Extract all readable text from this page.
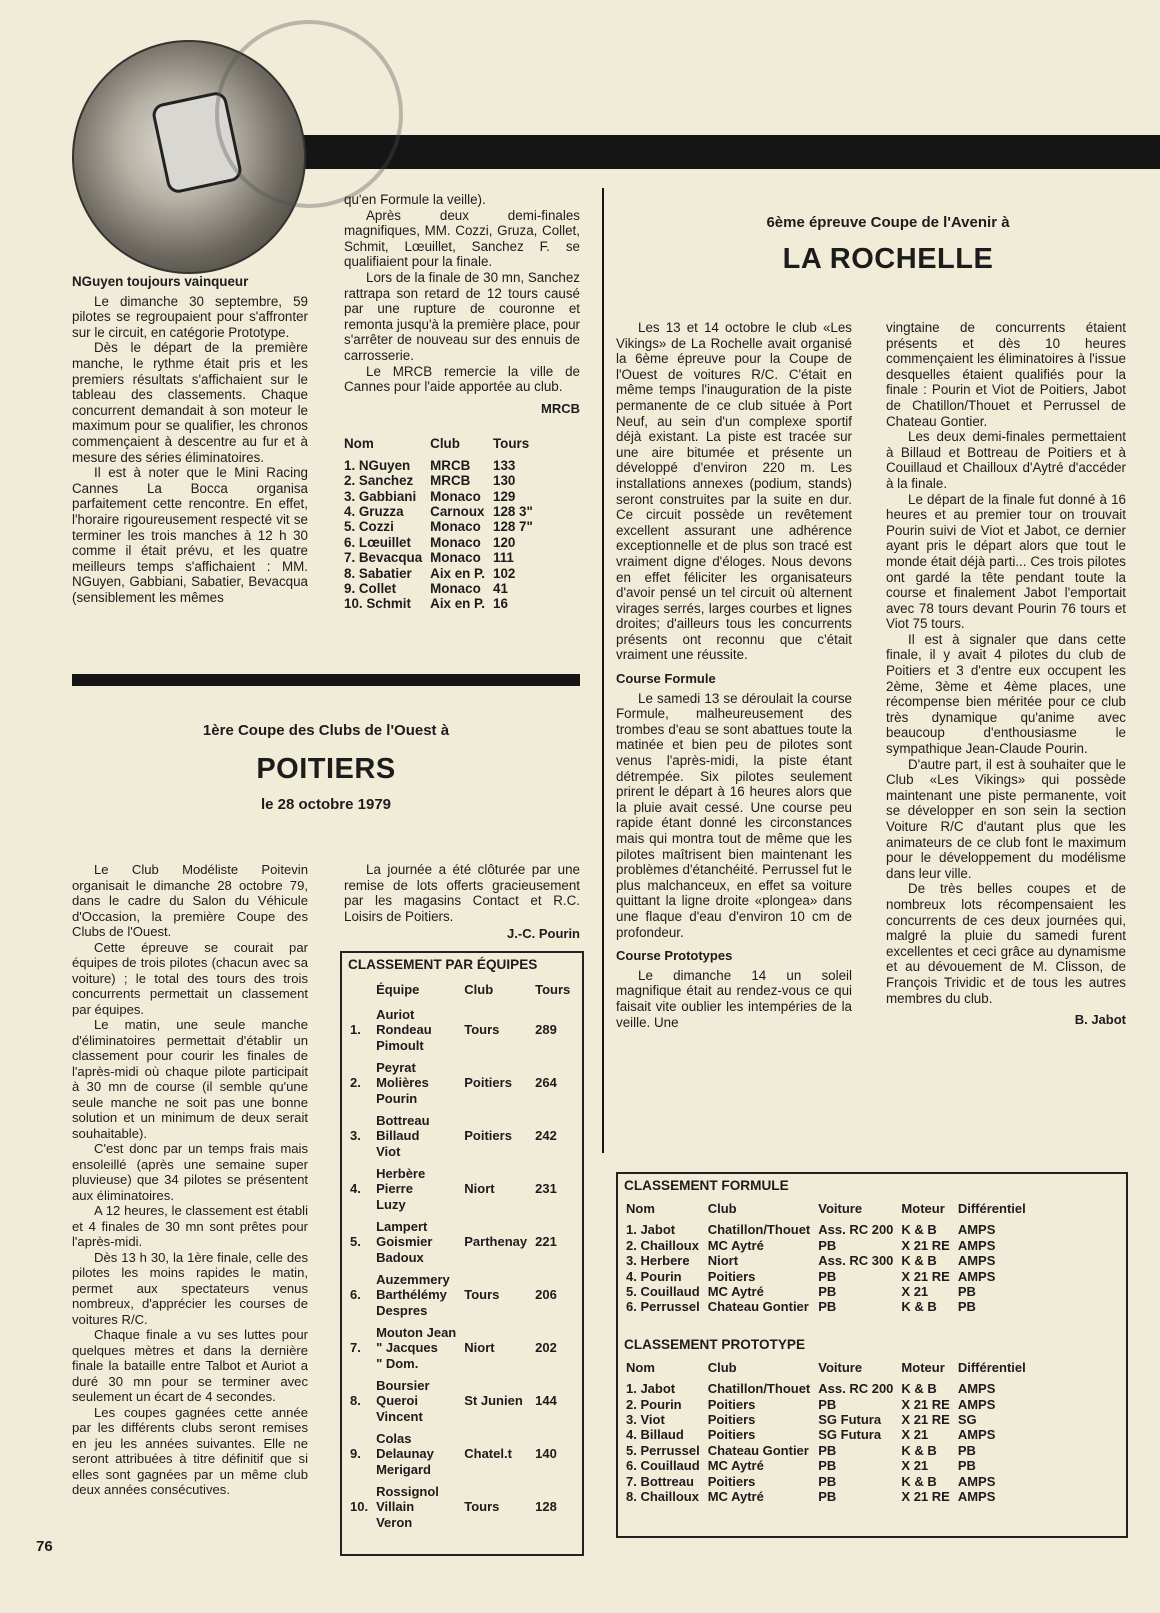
NGuyen toujours vainqueur

Le dimanche 30 septembre, 59 pilotes se regroupaient pour s'affronter sur le circuit, en catégorie Prototype.

Dès le départ de la première manche, le rythme était pris et les premiers résultats s'affichaient sur le tableau des classements. Chaque concurrent demandait à son moteur le maximum pour se qualifier, les chronos commençaient à descentre au fur et à mesure des séries éliminatoires.

Il est à noter que le Mini Racing Cannes La Bocca organisa parfaitement cette rencontre. En effet, l'horaire rigoureusement respecté vit se terminer les trois manches à 12 h 30 comme il était prévu, et les quatre meilleurs temps s'affichaient : MM. NGuyen, Gabbiani, Sabatier, Bevacqua (sensiblement les mêmes

qu'en Formule la veille).

Après deux demi-finales magnifiques, MM. Cozzi, Gruza, Collet, Schmit, Lœuillet, Sanchez F. se qualifiaient pour la finale.

Lors de la finale de 30 mn, Sanchez rattrapa son retard de 12 tours causé par une rupture de couronne et remonta jusqu'à la première place, pour s'arrêter de nouveau sur des ennuis de carrosserie.

Le MRCB remercie la ville de Cannes pour l'aide apportée au club.

MRCB
Nom	Club	Tours
1. NGuyen	MRCB	133
2. Sanchez	MRCB	130
3. Gabbiani	Monaco	129
4. Gruzza	Carnoux	128 3"
5. Cozzi	Monaco	128 7"
6. Lœuillet	Monaco	120
7. Bevacqua	Monaco	111
8. Sabatier	Aix en P.	102
9. Collet	Monaco	41
10. Schmit	Aix en P.	16
1ère Coupe des Clubs de l'Ouest à
POITIERS
le 28 octobre 1979

Le Club Modéliste Poitevin organisait le dimanche 28 octobre 79, dans le cadre du Salon du Véhicule d'Occasion, la première Coupe des Clubs de l'Ouest.

Cette épreuve se courait par équipes de trois pilotes (chacun avec sa voiture) ; le total des tours des trois concurrents permettait un classement par équipes.

Le matin, une seule manche d'éliminatoires permettait d'établir un classement pour courir les finales de l'après-midi où chaque pilote participait à 30 mn de course (il semble qu'une seule manche ne soit pas une bonne solution et un minimum de deux serait souhaitable).

C'est donc par un temps frais mais ensoleillé (après une semaine super pluvieuse) que 34 pilotes se présentent aux éliminatoires.

A 12 heures, le classement est établi et 4 finales de 30 mn sont prêtes pour l'après-midi.

Dès 13 h 30, la 1ère finale, celle des pilotes les moins rapides le matin, permet aux spectateurs venus nombreux, d'apprécier les courses de voitures R/C.

Chaque finale a vu ses luttes pour quelques mètres et dans la dernière finale la bataille entre Talbot et Auriot a duré 30 mn pour se terminer avec seulement un écart de 4 secondes.

Les coupes gagnées cette année par les différents clubs seront remises en jeu les années suivantes. Elle ne seront attribuées à titre définitif que si elles sont gagnées par un même club deux années consécutives.

La journée a été clôturée par une remise de lots offerts gracieusement par les magasins Contact et R.C. Loisirs de Poitiers.

J.-C. Pourin
CLASSEMENT PAR ÉQUIPES
	Équipe	Club	Tours
1.	Auriot
Rondeau
Pimoult	Tours	289
2.	Peyrat
Molières
Pourin	Poitiers	264
3.	Bottreau
Billaud
Viot	Poitiers	242
4.	Herbère
Pierre
Luzy	Niort	231
5.	Lampert
Goismier
Badoux	Parthenay	221
6.	Auzemmery
Barthélémy
Despres	Tours	206
7.	Mouton Jean
" Jacques
" Dom.	Niort	202
8.	Boursier
Queroi
Vincent	St Junien	144
9.	Colas
Delaunay
Merigard	Chatel.t	140
10.	Rossignol
Villain
Veron	Tours	128
6ème épreuve Coupe de l'Avenir à
LA ROCHELLE

Les 13 et 14 octobre le club «Les Vikings» de La Rochelle avait organisé la 6ème épreuve pour la Coupe de l'Ouest de voitures R/C. C'était en même temps l'inauguration de la piste permanente de ce club située à Port Neuf, au sein d'un complexe sportif déjà existant. La piste est tracée sur une aire bitumée et présente un développé d'environ 220 m. Les installations annexes (podium, stands) seront construites par la suite en dur. Ce circuit possède un revêtement excellent assurant une adhérence exceptionnelle et de plus son tracé est vraiment digne d'éloges. Nous devons en effet féliciter les organisateurs d'avoir pensé un tel circuit où alternent virages serrés, larges courbes et lignes droites; d'ailleurs tous les concurrents présents ont reconnu que c'était vraiment une réussite.

Course Formule

Le samedi 13 se déroulait la course Formule, malheureusement des trombes d'eau se sont abattues toute la matinée et bien peu de pilotes sont venus l'après-midi, la piste étant détrempée. Six pilotes seulement prirent le départ à 16 heures alors que la pluie avait cessé. Une course peu rapide étant donné les circonstances mais qui montra tout de même que les pilotes maîtrisent bien maintenant les problèmes d'étanchéité. Perrussel fut le plus malchanceux, en effet sa voiture quittant la ligne droite «plongea» dans une flaque d'eau d'environ 10 cm de profondeur.

Course Prototypes

Le dimanche 14 un soleil magnifique était au rendez-vous ce qui faisait vite oublier les intempéries de la veille. Une

vingtaine de concurrents étaient présents et dès 10 heures commençaient les éliminatoires à l'issue desquelles étaient qualifiés pour la finale : Pourin et Viot de Poitiers, Jabot de Chatillon/Thouet et Perrussel de Chateau Gontier.

Les deux demi-finales permettaient à Billaud et Bottreau de Poitiers et à Couillaud et Chailloux d'Aytré d'accéder à la finale.

Le départ de la finale fut donné à 16 heures et au premier tour on trouvait Pourin suivi de Viot et Jabot, ce dernier ayant pris le départ alors que tout le monde était déjà parti... Ces trois pilotes ont gardé la tête pendant toute la course et finalement Jabot l'emportait avec 78 tours devant Pourin 76 tours et Viot 75 tours.

Il est à signaler que dans cette finale, il y avait 4 pilotes du club de Poitiers et 3 d'entre eux occupent les 2ème, 3ème et 4ème places, une récompense bien méritée pour ce club très dynamique qu'anime avec beaucoup d'enthousiasme le sympathique Jean-Claude Pourin.

D'autre part, il est à souhaiter que le Club «Les Vikings» qui possède maintenant une piste permanente, voit se développer en son sein la section Voiture R/C d'autant plus que les animateurs de ce club font le maximum pour le développement du modélisme dans leur ville.

De très belles coupes et de nombreux lots récompensaient les concurrents de ces deux journées qui, malgré la pluie du samedi furent excellentes et ceci grâce au dynamisme et au dévouement de M. Clisson, de François Trividic et de tous les autres membres du club.

B. Jabot
CLASSEMENT FORMULE
Nom	Club	Voiture	Moteur	Différentiel
1. Jabot	Chatillon/Thouet	Ass. RC 200	K & B	AMPS
2. Chailloux	MC Aytré	PB	X 21 RE	AMPS
3. Herbere	Niort	Ass. RC 300	K & B	AMPS
4. Pourin	Poitiers	PB	X 21 RE	AMPS
5. Couillaud	MC Aytré	PB	X 21	PB
6. Perrussel	Chateau Gontier	PB	K & B	PB
CLASSEMENT PROTOTYPE
Nom	Club	Voiture	Moteur	Différentiel
1. Jabot	Chatillon/Thouet	Ass. RC 200	K & B	AMPS
2. Pourin	Poitiers	PB	X 21 RE	AMPS
3. Viot	Poitiers	SG Futura	X 21 RE	SG
4. Billaud	Poitiers	SG Futura	X 21	AMPS
5. Perrussel	Chateau Gontier	PB	K & B	PB
6. Couillaud	MC Aytré	PB	X 21	PB
7. Bottreau	Poitiers	PB	K & B	AMPS
8. Chailloux	MC Aytré	PB	X 21 RE	AMPS
76
